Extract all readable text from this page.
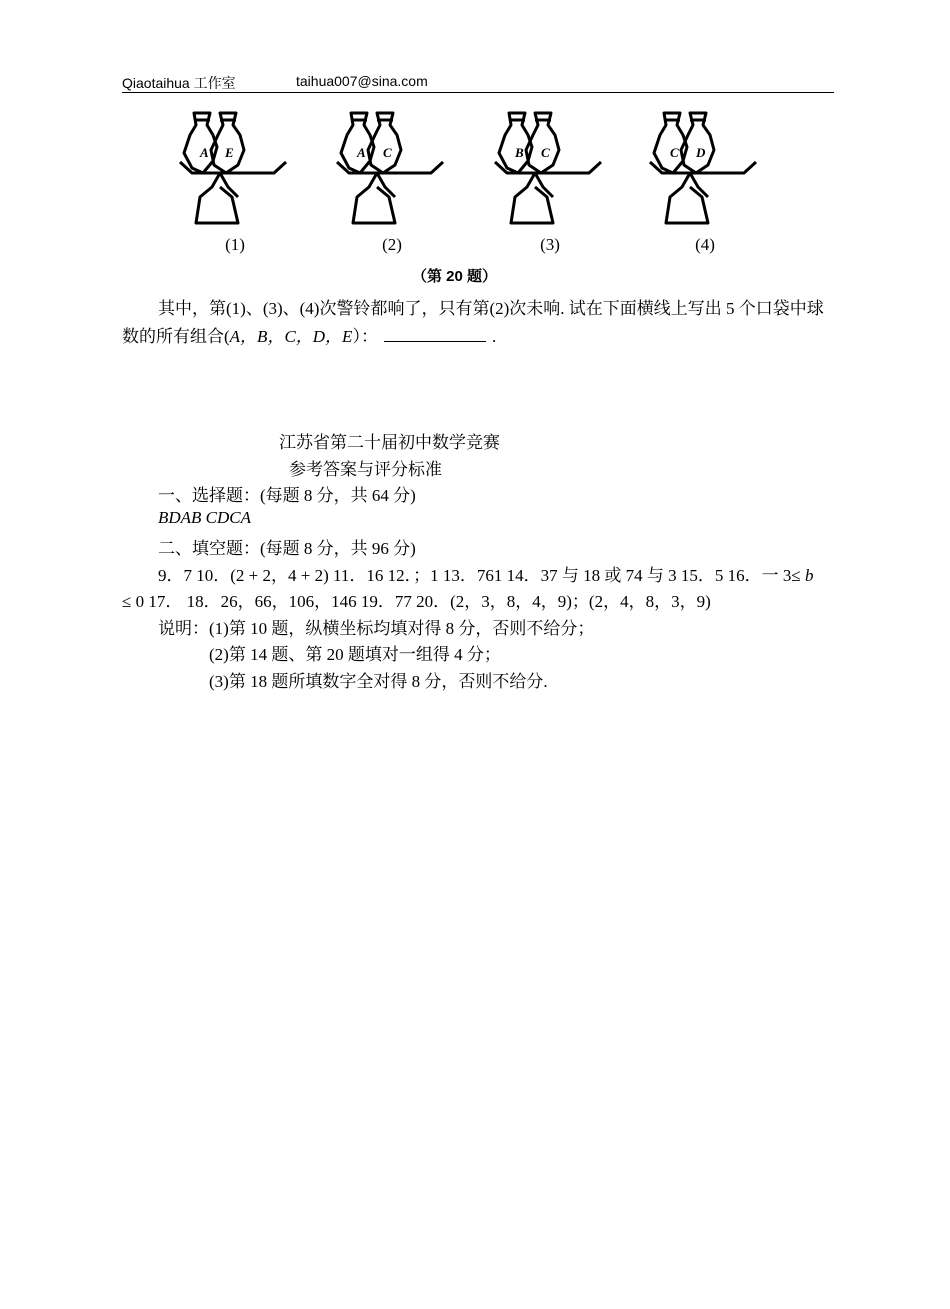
Qiaotaihua 工作室	taihua007@sina.com
A E
(1)
A C
(2)
B C
(3)
C D
(4)
（第 20 题）
其中，第(1)、(3)、(4)次警铃都响了，只有第(2)次未响. 试在下面横线上写出 5 个口袋中球
数的所有组合(A，B，C，D，E）：	.
江苏省第二十届初中数学竞赛
参考答案与评分标准
一、选择题：(每题 8 分，共 64 分)
BDAB CDCA
二、填空题：(每题 8 分，共 96 分)
9．7 10．(2 + 2，4 + 2) 11．16 12．；1 13．761 14．37 与 18 或 74 与 3 15．5 16．一 3≤ b
≤ 0 17． 18．26，66，106，146 19．77 20．(2，3，8，4，9)；(2，4，8，3，9)
说明：(1)第 10 题，纵横坐标均填对得 8 分，否则不给分；
(2)第 14 题、第 20 题填对一组得 4 分；
(3)第 18 题所填数字全对得 8 分，否则不给分.
